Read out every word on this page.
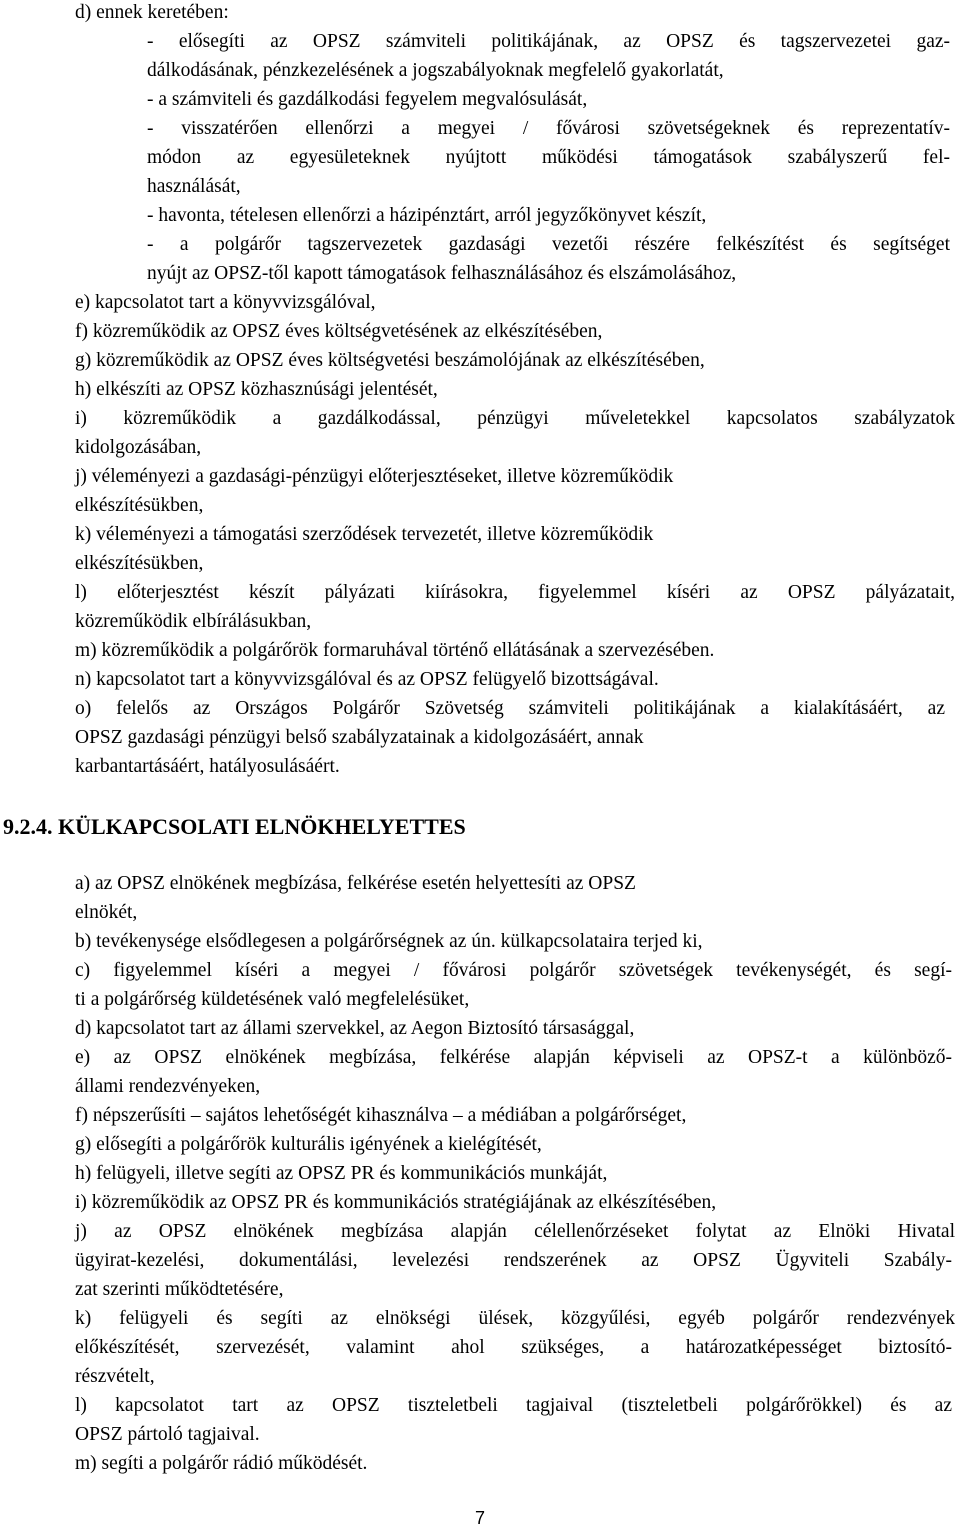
d) ennek keretében:

- elősegíti az OPSZ számviteli politikájának, az OPSZ és tagszervezetei gaz-

dálkodásának, pénzkezelésének a jogszabályoknak megfelelő gyakorlatát,

- a számviteli és gazdálkodási fegyelem megvalósulását,

- visszatérően ellenőrzi a megyei / fővárosi szövetségeknek és reprezentatív-

módon az egyesületeknek nyújtott működési támogatások szabályszerű fel-

használását,

- havonta, tételesen ellenőrzi a házipénztárt, arról jegyzőkönyvet készít,

- a polgárőr tagszervezetek gazdasági vezetői részére felkészítést és segítséget

nyújt az OPSZ-től kapott támogatások felhasználásához és elszámolásához,

e) kapcsolatot tart a könyvvizsgálóval,

f) közreműködik az OPSZ éves költségvetésének az elkészítésében,

g) közreműködik az OPSZ éves költségvetési beszámolójának az elkészítésében,

h) elkészíti az OPSZ közhasznúsági jelentését,

i) közreműködik a gazdálkodással, pénzügyi műveletekkel kapcsolatos szabályzatok

kidolgozásában,

j) véleményezi a gazdasági-pénzügyi előterjesztéseket, illetve közreműködik

elkészítésükben,

k) véleményezi a támogatási szerződések tervezetét, illetve közreműködik

elkészítésükben,

l) előterjesztést készít pályázati kiírásokra, figyelemmel kíséri az OPSZ pályázatait,

közreműködik elbírálásukban,

m) közreműködik a polgárőrök formaruhával történő ellátásának a szervezésében.

n) kapcsolatot tart a könyvvizsgálóval és az OPSZ felügyelő bizottságával.

o) felelős az Országos Polgárőr Szövetség számviteli politikájának a kialakításáért, az

OPSZ gazdasági pénzügyi belső szabályzatainak a kidolgozásáért, annak

karbantartásáért, hatályosulásáért.

9.2.4. KÜLKAPCSOLATI ELNÖKHELYETTES

a) az OPSZ elnökének megbízása, felkérése esetén helyettesíti az OPSZ

elnökét,

b) tevékenysége elsődlegesen a polgárőrségnek az ún. külkapcsolataira terjed ki,

c) figyelemmel kíséri a megyei / fővárosi polgárőr szövetségek tevékenységét, és segí-

ti a polgárőrség küldetésének való megfelelésüket,

d) kapcsolatot tart az állami szervekkel, az Aegon Biztosító társasággal,

e) az OPSZ elnökének megbízása, felkérése alapján képviseli az OPSZ-t a különböző-

állami rendezvényeken,

f) népszerűsíti – sajátos lehetőségét kihasználva – a médiában a polgárőrséget,

g) elősegíti a polgárőrök kulturális igényének a kielégítését,

h) felügyeli, illetve segíti az OPSZ PR és kommunikációs munkáját,

i) közreműködik az OPSZ PR és kommunikációs stratégiájának az elkészítésében,

j) az OPSZ elnökének megbízása alapján célellenőrzéseket folytat az Elnöki Hivatal

ügyirat-kezelési, dokumentálási, levelezési rendszerének az OPSZ Ügyviteli Szabály-

zat szerinti működtetésére,

k) felügyeli és segíti az elnökségi ülések, közgyűlési, egyéb polgárőr rendezvények

előkészítését, szervezését, valamint ahol szükséges, a határozatképességet biztosító-

részvételt,

l) kapcsolatot tart az OPSZ tiszteletbeli tagjaival (tiszteletbeli polgárőrökkel) és az

OPSZ pártoló tagjaival.

m) segíti a polgárőr rádió működését.

7
